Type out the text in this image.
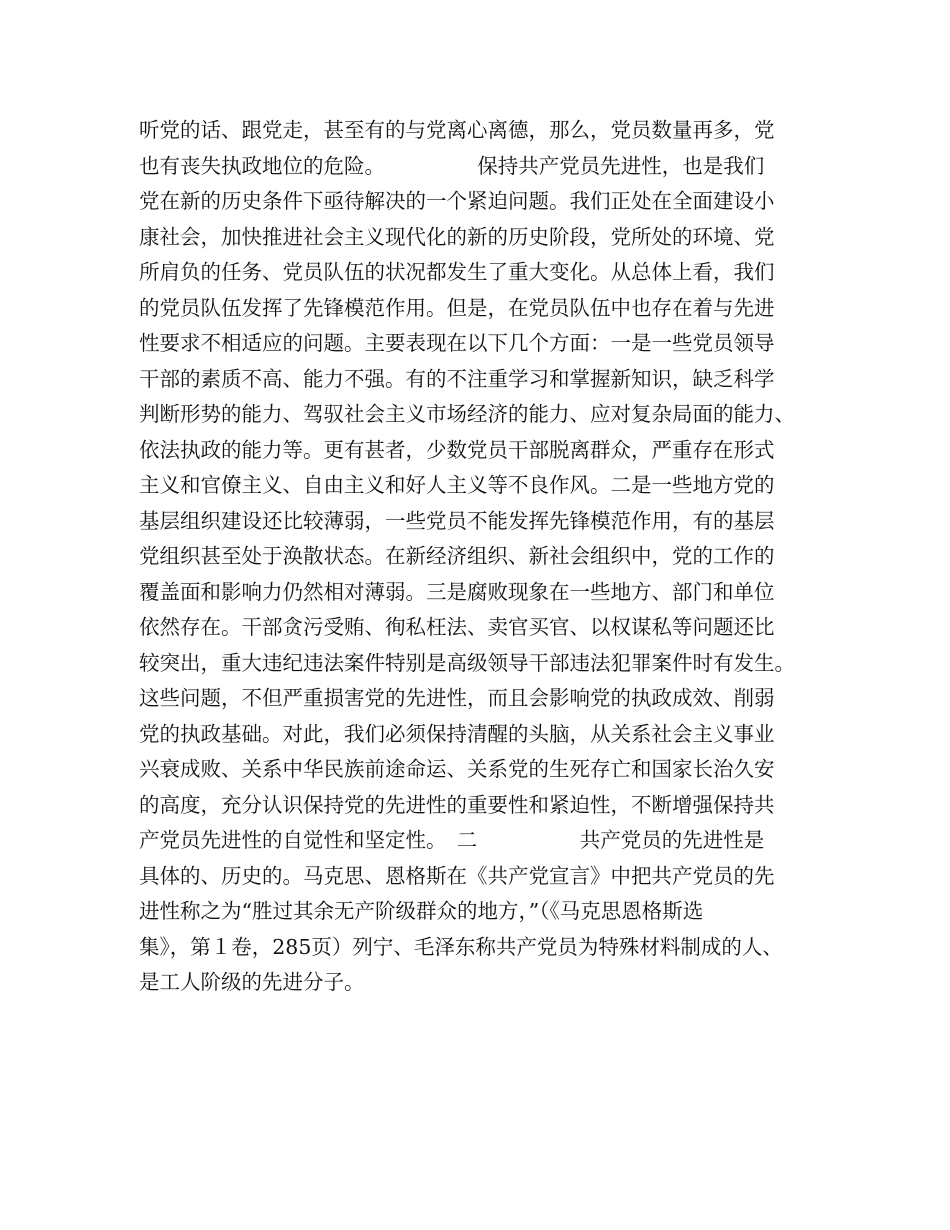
听党的话、跟党走，甚至有的与党离心离德，那么，党员数量再多，党
也有丧失执政地位的危险。　　　　　保持共产党员先进性，也是我们
党在新的历史条件下亟待解决的一个紧迫问题。我们正处在全面建设小
康社会，加快推进社会主义现代化的新的历史阶段，党所处的环境、党
所肩负的任务、党员队伍的状况都发生了重大变化。从总体上看，我们
的党员队伍发挥了先锋模范作用。但是，在党员队伍中也存在着与先进
性要求不相适应的问题。主要表现在以下几个方面：一是一些党员领导
干部的素质不高、能力不强。有的不注重学习和掌握新知识，缺乏科学
判断形势的能力、驾驭社会主义市场经济的能力、应对复杂局面的能力、
依法执政的能力等。更有甚者，少数党员干部脱离群众，严重存在形式
主义和官僚主义、自由主义和好人主义等不良作风。二是一些地方党的
基层组织建设还比较薄弱，一些党员不能发挥先锋模范作用，有的基层
党组织甚至处于涣散状态。在新经济组织、新社会组织中，党的工作的
覆盖面和影响力仍然相对薄弱。三是腐败现象在一些地方、部门和单位
依然存在。干部贪污受贿、徇私枉法、卖官买官、以权谋私等问题还比
较突出，重大违纪违法案件特别是高级领导干部违法犯罪案件时有发生。
这些问题，不但严重损害党的先进性，而且会影响党的执政成效、削弱
党的执政基础。对此，我们必须保持清醒的头脑，从关系社会主义事业
兴衰成败、关系中华民族前途命运、关系党的生死存亡和国家长治久安
的高度，充分认识保持党的先进性的重要性和紧迫性，不断增强保持共
产党员先进性的自觉性和坚定性。　二　　　　　共产党员的先进性是
具体的、历史的。马克思、恩格斯在《共产党宣言》中把共产党员的先
进性称之为“胜过其余无产阶级群众的地方，”（《马克思恩格斯选
集》，第１卷，285页）列宁、毛泽东称共产党员为特殊材料制成的人、
是工人阶级的先进分子。
